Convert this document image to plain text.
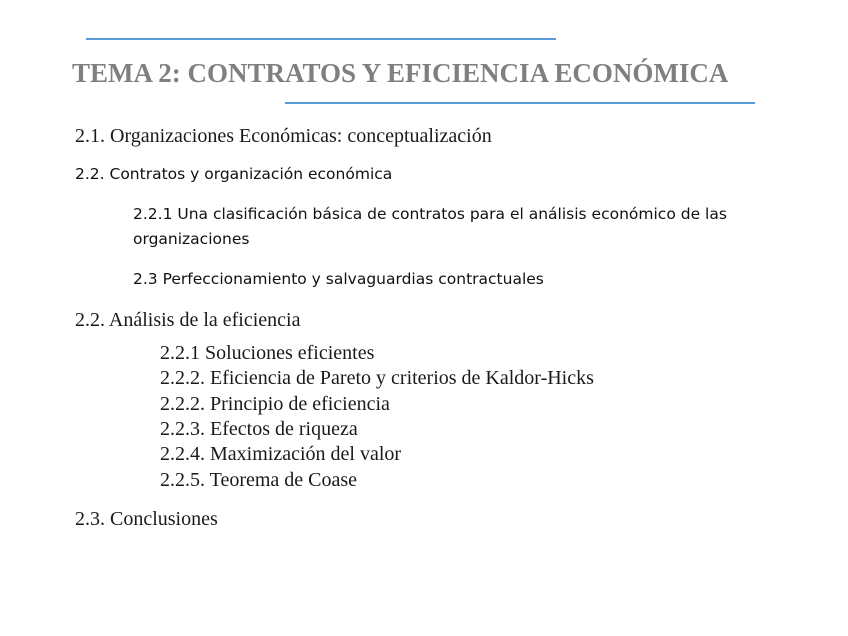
TEMA 2: CONTRATOS Y EFICIENCIA ECONÓMICA
2.1. Organizaciones Económicas: conceptualización
2.2. Contratos y organización económica
2.2.1 Una clasificación básica de contratos para el análisis económico de las
organizaciones
2.3 Perfeccionamiento y salvaguardias contractuales
2.2. Análisis de la eficiencia
2.2.1 Soluciones eficientes
2.2.2. Eficiencia de Pareto y criterios de Kaldor-Hicks
2.2.2. Principio de eficiencia
2.2.3. Efectos de riqueza
2.2.4. Maximización del valor
2.2.5. Teorema de Coase
2.3. Conclusiones
